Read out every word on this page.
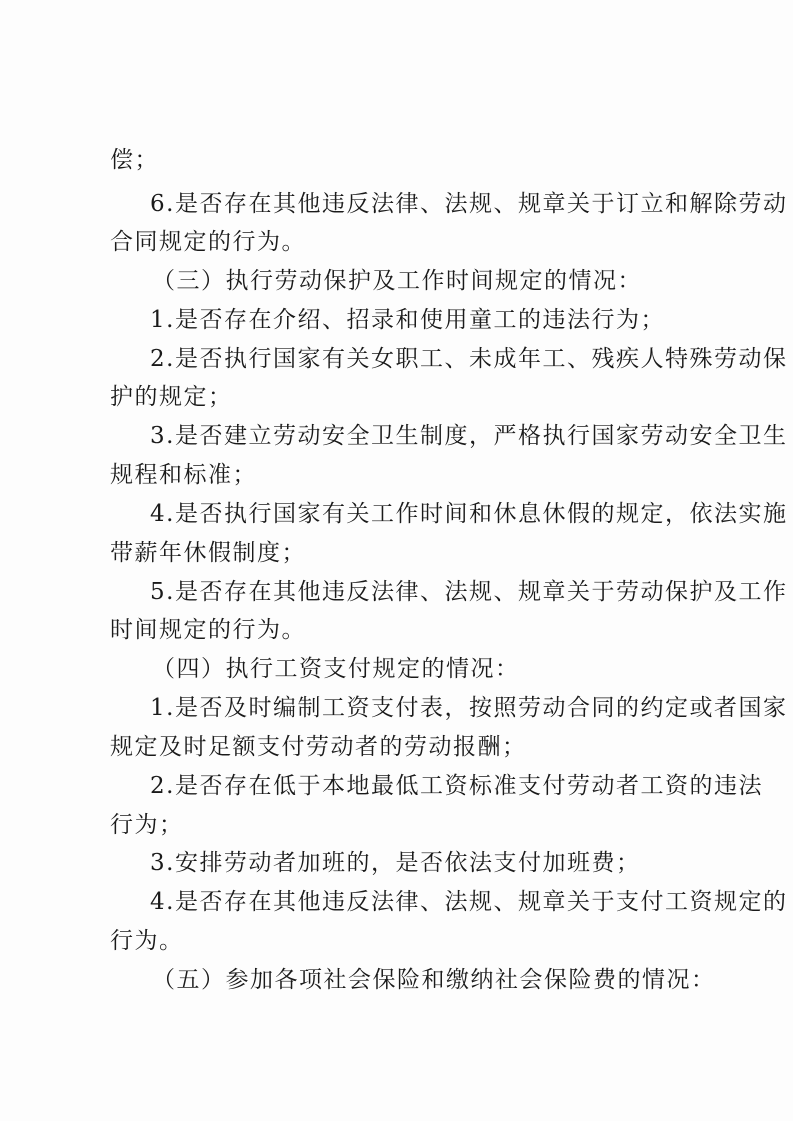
偿；
6.是否存在其他违反法律、法规、规章关于订立和解除劳动
合同规定的行为。
（三）执行劳动保护及工作时间规定的情况：
1.是否存在介绍、招录和使用童工的违法行为；
2.是否执行国家有关女职工、未成年工、残疾人特殊劳动保
护的规定；
3.是否建立劳动安全卫生制度，严格执行国家劳动安全卫生
规程和标准；
4.是否执行国家有关工作时间和休息休假的规定，依法实施
带薪年休假制度；
5.是否存在其他违反法律、法规、规章关于劳动保护及工作
时间规定的行为。
（四）执行工资支付规定的情况：
1.是否及时编制工资支付表，按照劳动合同的约定或者国家
规定及时足额支付劳动者的劳动报酬；
2.是否存在低于本地最低工资标准支付劳动者工资的违法
行为；
3.安排劳动者加班的，是否依法支付加班费；
4.是否存在其他违反法律、法规、规章关于支付工资规定的
行为。
（五）参加各项社会保险和缴纳社会保险费的情况：
